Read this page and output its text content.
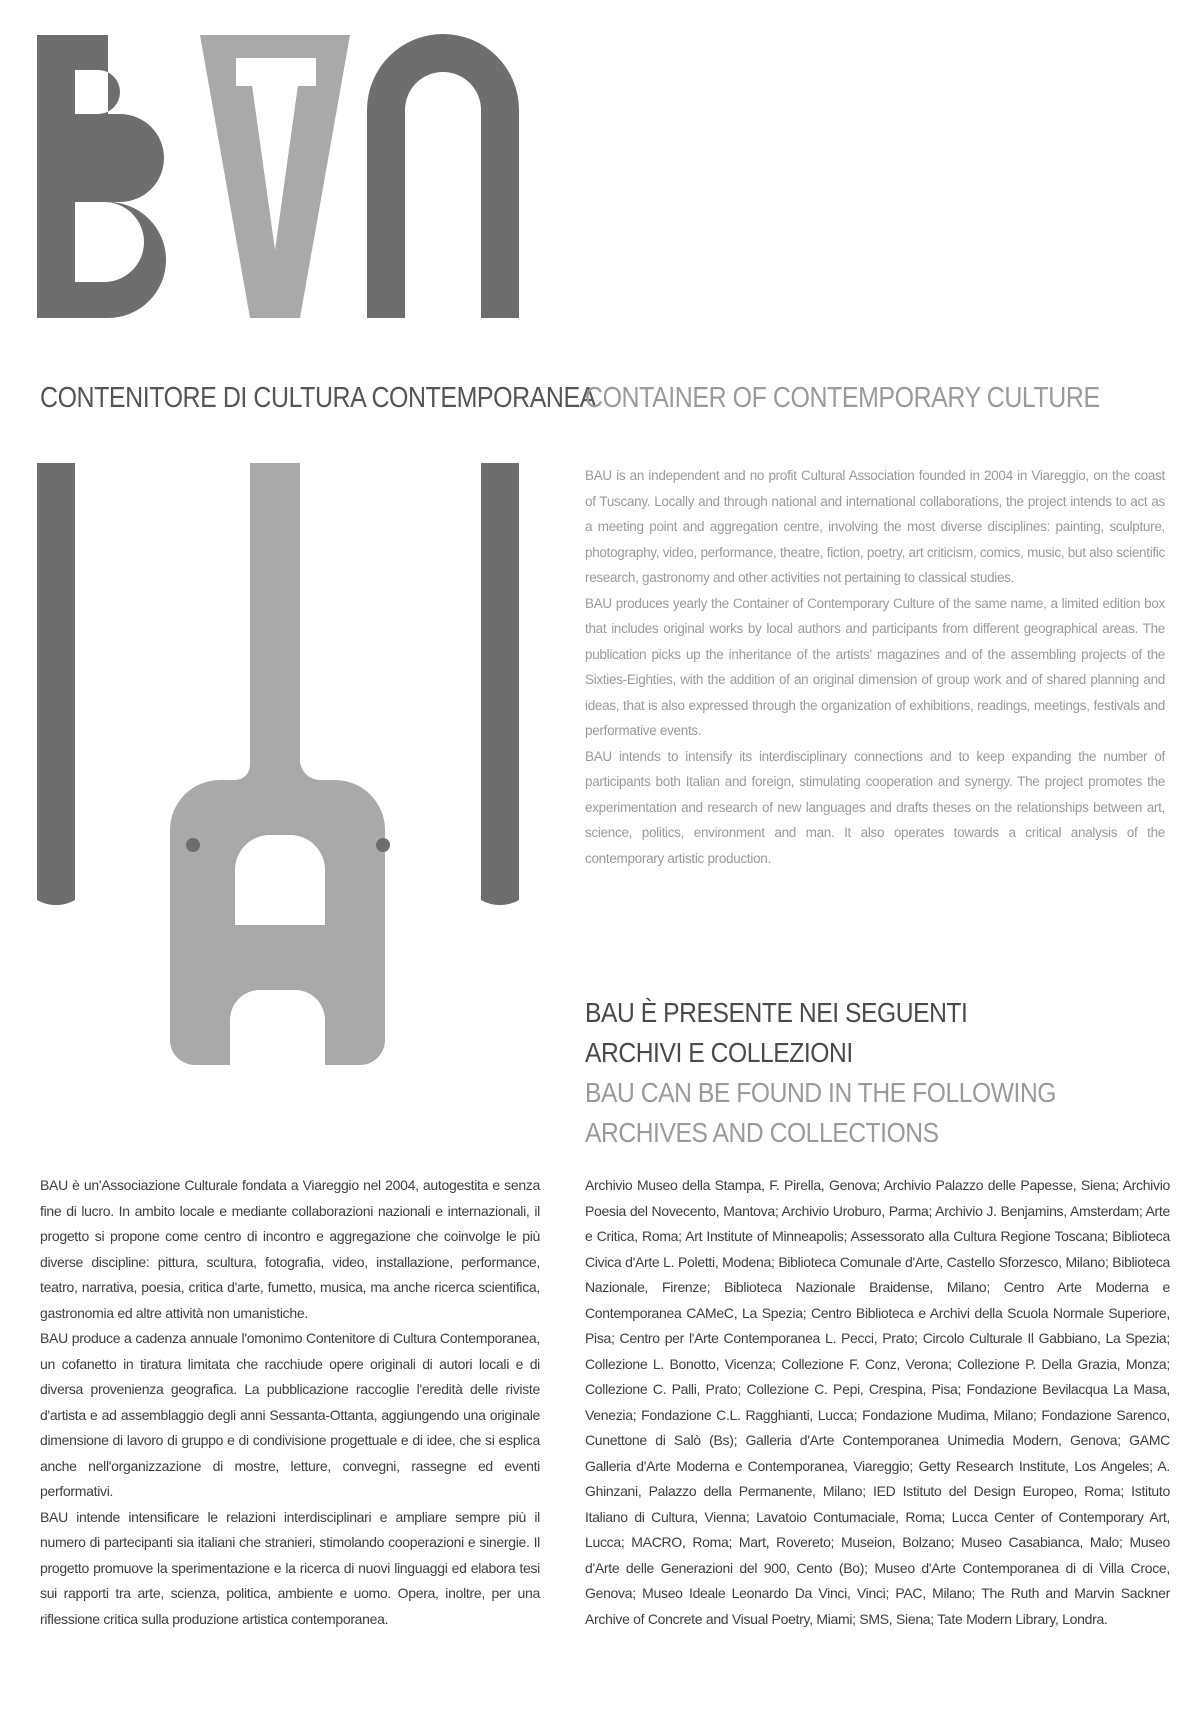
CONTENITORE DI CULTURA CONTEMPORANEA
CONTAINER OF CONTEMPORARY CULTURE

BAU is an independent and no profit Cultural Association founded in 2004 in Viareggio, on the coast of Tuscany. Locally and through national and international collaborations, the project intends to act as a meeting point and aggregation centre, involving the most diverse disciplines: painting, sculpture, photography, video, performance, theatre, fiction, poetry, art criticism, comics, music, but also scientific research, gastronomy and other activities not pertaining to classical studies.

BAU produces yearly the Container of Contemporary Culture of the same name, a limited edition box that includes original works by local authors and participants from different geographical areas. The publication picks up the inheritance of the artists' magazines and of the assembling projects of the Sixties-Eighties, with the addition of an original dimension of group work and of shared planning and ideas, that is also expressed through the organization of exhibitions, readings, meetings, festivals and performative events.

BAU intends to intensify its interdisciplinary connections and to keep expanding the number of participants both Italian and foreign, stimulating cooperation and synergy. The project promotes the experimentation and research of new languages and drafts theses on the relationships between art, science, politics, environment and man. It also operates towards a critical analysis of the contemporary artistic production.

BAU È PRESENTE NEI SEGUENTI
ARCHIVI E COLLEZIONI
BAU CAN BE FOUND IN THE FOLLOWING
ARCHIVES AND COLLECTIONS

BAU è un'Associazione Culturale fondata a Viareggio nel 2004, autogestita e senza fine di lucro. In ambito locale e mediante collaborazioni nazionali e internazionali, il progetto si propone come centro di incontro e aggregazione che coinvolge le più diverse discipline: pittura, scultura, fotografia, video, installazione, performance, teatro, narrativa, poesia, critica d'arte, fumetto, musica, ma anche ricerca scientifica, gastronomia ed altre attività non umanistiche.

BAU produce a cadenza annuale l'omonimo Contenitore di Cultura Contemporanea, un cofanetto in tiratura limitata che racchiude opere originali di autori locali e di diversa provenienza geografica. La pubblicazione raccoglie l'eredità delle riviste d'artista e ad assemblaggio degli anni Sessanta-Ottanta, aggiungendo una originale dimensione di lavoro di gruppo e di condivisione progettuale e di idee, che si esplica anche nell'organizzazione di mostre, letture, convegni, rassegne ed eventi performativi.

BAU intende intensificare le relazioni interdisciplinari e ampliare sempre più il numero di partecipanti sia italiani che stranieri, stimolando cooperazioni e sinergie. Il progetto promuove la sperimentazione e la ricerca di nuovi linguaggi ed elabora tesi sui rapporti tra arte, scienza, politica, ambiente e uomo. Opera, inoltre, per una riflessione critica sulla produzione artistica contemporanea.

Archivio Museo della Stampa, F. Pirella, Genova; Archivio Palazzo delle Papesse, Siena; Archivio Poesia del Novecento, Mantova; Archivio Uroburo, Parma; Archivio J. Benjamins, Amsterdam; Arte e Critica, Roma; Art Institute of Minneapolis; Assessorato alla Cultura Regione Toscana; Biblioteca Civica d'Arte L. Poletti, Modena; Biblioteca Comunale d'Arte, Castello Sforzesco, Milano; Biblioteca Nazionale, Firenze; Biblioteca Nazionale Braidense, Milano; Centro Arte Moderna e Contemporanea CAMeC, La Spezia; Centro Biblioteca e Archivi della Scuola Normale Superiore, Pisa; Centro per l'Arte Contemporanea L. Pecci, Prato; Circolo Culturale Il Gabbiano, La Spezia; Collezione L. Bonotto, Vicenza; Collezione F. Conz, Verona; Collezione P. Della Grazia, Monza; Collezione C. Palli, Prato; Collezione C. Pepi, Crespina, Pisa; Fondazione Bevilacqua La Masa, Venezia; Fondazione C.L. Ragghianti, Lucca; Fondazione Mudima, Milano; Fondazione Sarenco, Cunettone di Salò (Bs); Galleria d'Arte Contemporanea Unimedia Modern, Genova; GAMC Galleria d'Arte Moderna e Contemporanea, Viareggio; Getty Research Institute, Los Angeles; A. Ghinzani, Palazzo della Permanente, Milano; IED Istituto del Design Europeo, Roma; Istituto Italiano di Cultura, Vienna; Lavatoio Contumaciale, Roma; Lucca Center of Contemporary Art, Lucca; MACRO, Roma; Mart, Rovereto; Museion, Bolzano; Museo Casabianca, Malo; Museo d'Arte delle Generazioni del 900, Cento (Bo); Museo d'Arte Contemporanea di di Villa Croce, Genova; Museo Ideale Leonardo Da Vinci, Vinci; PAC, Milano; The Ruth and Marvin Sackner Archive of Concrete and Visual Poetry, Miami; SMS, Siena; Tate Modern Library, Londra.
